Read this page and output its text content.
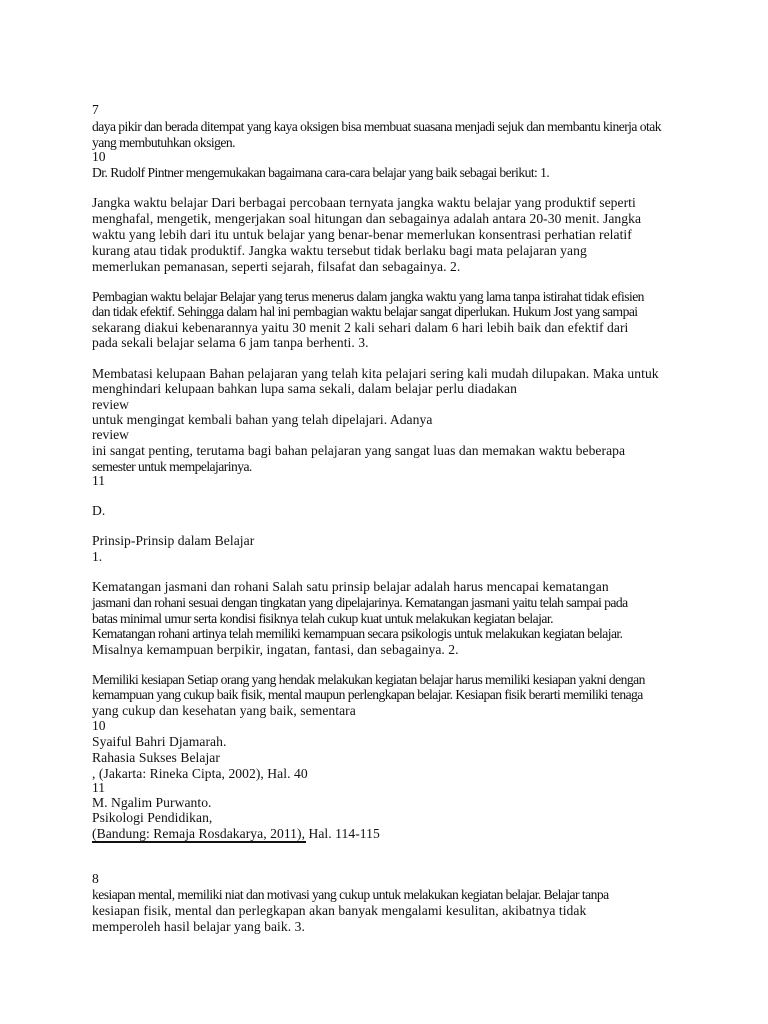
7
daya pikir dan berada ditempat yang kaya oksigen bisa membuat suasana menjadi sejuk dan membantu kinerja otak
yang membutuhkan oksigen.
10
Dr. Rudolf Pintner mengemukakan bagaimana cara-cara belajar yang baik sebagai berikut: 1.
Jangka waktu belajar Dari berbagai percobaan ternyata jangka waktu belajar yang produktif seperti
menghafal, mengetik, mengerjakan soal hitungan dan sebagainya adalah antara 20-30 menit. Jangka
waktu yang lebih dari itu untuk belajar yang benar-benar memerlukan konsentrasi perhatian relatif
kurang atau tidak produktif. Jangka waktu tersebut tidak berlaku bagi mata pelajaran yang
memerlukan pemanasan, seperti sejarah, filsafat dan sebagainya. 2.
Pembagian waktu belajar Belajar yang terus menerus dalam jangka waktu yang lama tanpa istirahat tidak efisien
dan tidak efektif. Sehingga dalam hal ini pembagian waktu belajar sangat diperlukan. Hukum Jost yang sampai
sekarang diakui kebenarannya yaitu 30 menit 2 kali sehari dalam 6 hari lebih baik dan efektif dari
pada sekali belajar selama 6 jam tanpa berhenti. 3.
Membatasi kelupaan Bahan pelajaran yang telah kita pelajari sering kali mudah dilupakan. Maka untuk
menghindari kelupaan bahkan lupa sama sekali, dalam belajar perlu diadakan
review
untuk mengingat kembali bahan yang telah dipelajari. Adanya
review
ini sangat penting, terutama bagi bahan pelajaran yang sangat luas dan memakan waktu beberapa
semester untuk mempelajarinya.
11
D.
Prinsip-Prinsip dalam Belajar
1.
Kematangan jasmani dan rohani Salah satu prinsip belajar adalah harus mencapai kematangan
jasmani dan rohani sesuai dengan tingkatan yang dipelajarinya. Kematangan jasmani yaitu telah sampai pada
batas minimal umur serta kondisi fisiknya telah cukup kuat untuk melakukan kegiatan belajar.
Kematangan rohani artinya telah memiliki kemampuan secara psikologis untuk melakukan kegiatan belajar.
Misalnya kemampuan berpikir, ingatan, fantasi, dan sebagainya. 2.
Memiliki kesiapan Setiap orang yang hendak melakukan kegiatan belajar harus memiliki kesiapan yakni dengan
kemampuan yang cukup baik fisik, mental maupun perlengkapan belajar. Kesiapan fisik berarti memiliki tenaga
yang cukup dan kesehatan yang baik, sementara
10
Syaiful Bahri Djamarah.
Rahasia Sukses Belajar
, (Jakarta: Rineka Cipta, 2002), Hal. 40
11
M. Ngalim Purwanto.
Psikologi Pendidikan,
(Bandung: Remaja Rosdakarya, 2011), Hal. 114-115
8
kesiapan mental, memiliki niat dan motivasi yang cukup untuk melakukan kegiatan belajar. Belajar tanpa
kesiapan fisik, mental dan perlegkapan akan banyak mengalami kesulitan, akibatnya tidak
memperoleh hasil belajar yang baik. 3.
